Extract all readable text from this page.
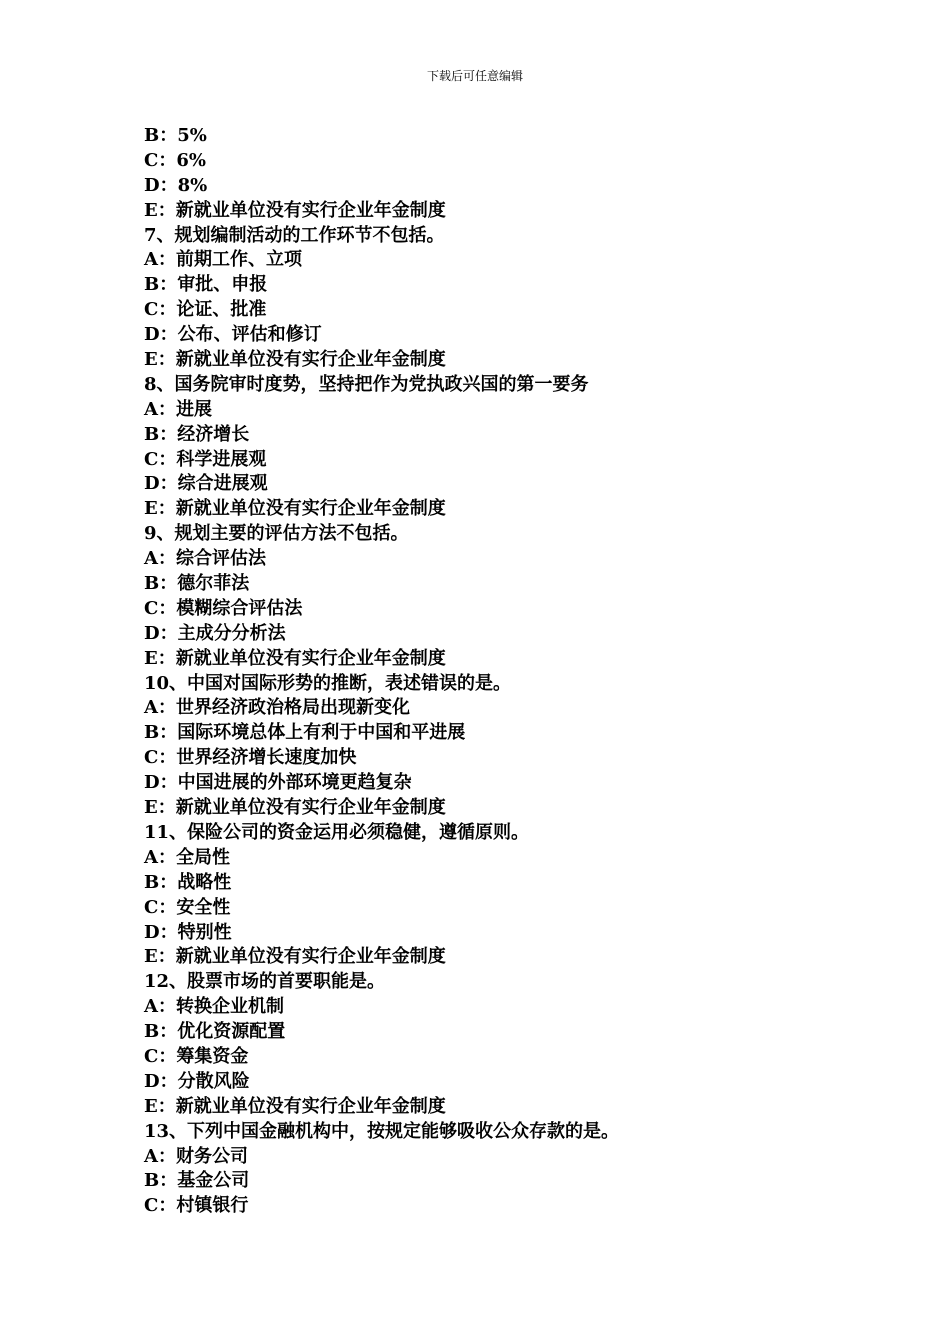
下载后可任意编辑
B：5%
C：6%
D：8%
E：新就业单位没有实行企业年金制度
7、规划编制活动的工作环节不包括。
A：前期工作、立项
B：审批、申报
C：论证、批准
D：公布、评估和修订
E：新就业单位没有实行企业年金制度
8、国务院审时度势，坚持把作为党执政兴国的第一要务
A：进展
B：经济增长
C：科学进展观
D：综合进展观
E：新就业单位没有实行企业年金制度
9、规划主要的评估方法不包括。
A：综合评估法
B：德尔菲法
C：模糊综合评估法
D：主成分分析法
E：新就业单位没有实行企业年金制度
10、中国对国际形势的推断，表述错误的是。
A：世界经济政治格局出现新变化
B：国际环境总体上有利于中国和平进展
C：世界经济增长速度加快
D：中国进展的外部环境更趋复杂
E：新就业单位没有实行企业年金制度
11、保险公司的资金运用必须稳健，遵循原则。
A：全局性
B：战略性
C：安全性
D：特别性
E：新就业单位没有实行企业年金制度
12、股票市场的首要职能是。
A：转换企业机制
B：优化资源配置
C：筹集资金
D：分散风险
E：新就业单位没有实行企业年金制度
13、下列中国金融机构中，按规定能够吸收公众存款的是。
A：财务公司
B：基金公司
C：村镇银行
